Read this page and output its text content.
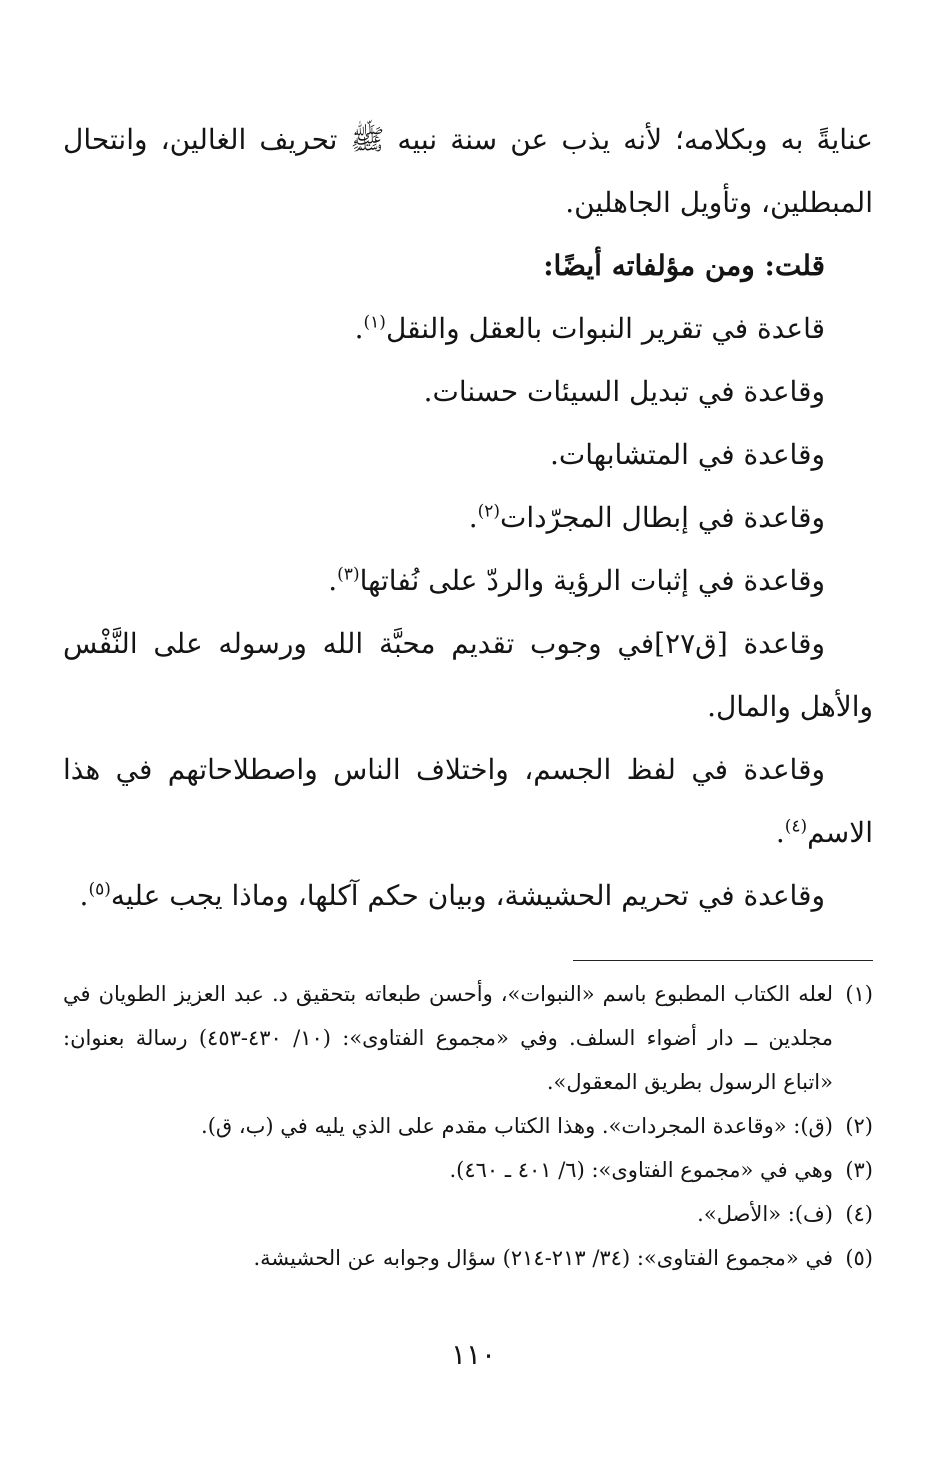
عنايةً به وبكلامه؛ لأنه يذب عن سنة نبيه ﷺ تحريف الغالين، وانتحال المبطلين، وتأويل الجاهلين.

قلت: ومن مؤلفاته أيضًا:

قاعدة في تقرير النبوات بالعقل والنقل$^{(١)}$.

وقاعدة في تبديل السيئات حسنات.

وقاعدة في المتشابهات.

وقاعدة في إبطال المجرّدات$^{(٢)}$.

وقاعدة في إثبات الرؤية والردّ على نُفاتها$^{(٣)}$.

وقاعدة [ق٢٧]في وجوب تقديم محبَّة الله ورسوله على النَّفْس والأهل والمال.

وقاعدة في لفظ الجسم، واختلاف الناس واصطلاحاتهم في هذا الاسم$^{(٤)}$.

وقاعدة في تحريم الحشيشة، وبيان حكم آكلها، وماذا يجب عليه$^{(٥)}$.

(١)
لعله الكتاب المطبوع باسم «النبوات»، وأحسن طبعاته بتحقيق د. عبد العزيز الطويان في مجلدين ــ دار أضواء السلف. وفي «مجموع الفتاوى»: (١٠/ ٤٣٠-٤٥٣) رسالة بعنوان: «اتباع الرسول بطريق المعقول».
(٢)
(ق): «وقاعدة المجردات». وهذا الكتاب مقدم على الذي يليه في (ب، ق).
(٣)
وهي في «مجموع الفتاوى»: (٦/ ٤٠١ ـ ٤٦٠).
(٤)
(ف): «الأصل».
(٥)
في «مجموع الفتاوى»: (٣٤/ ٢١٣-٢١٤) سؤال وجوابه عن الحشيشة.
١١٠
